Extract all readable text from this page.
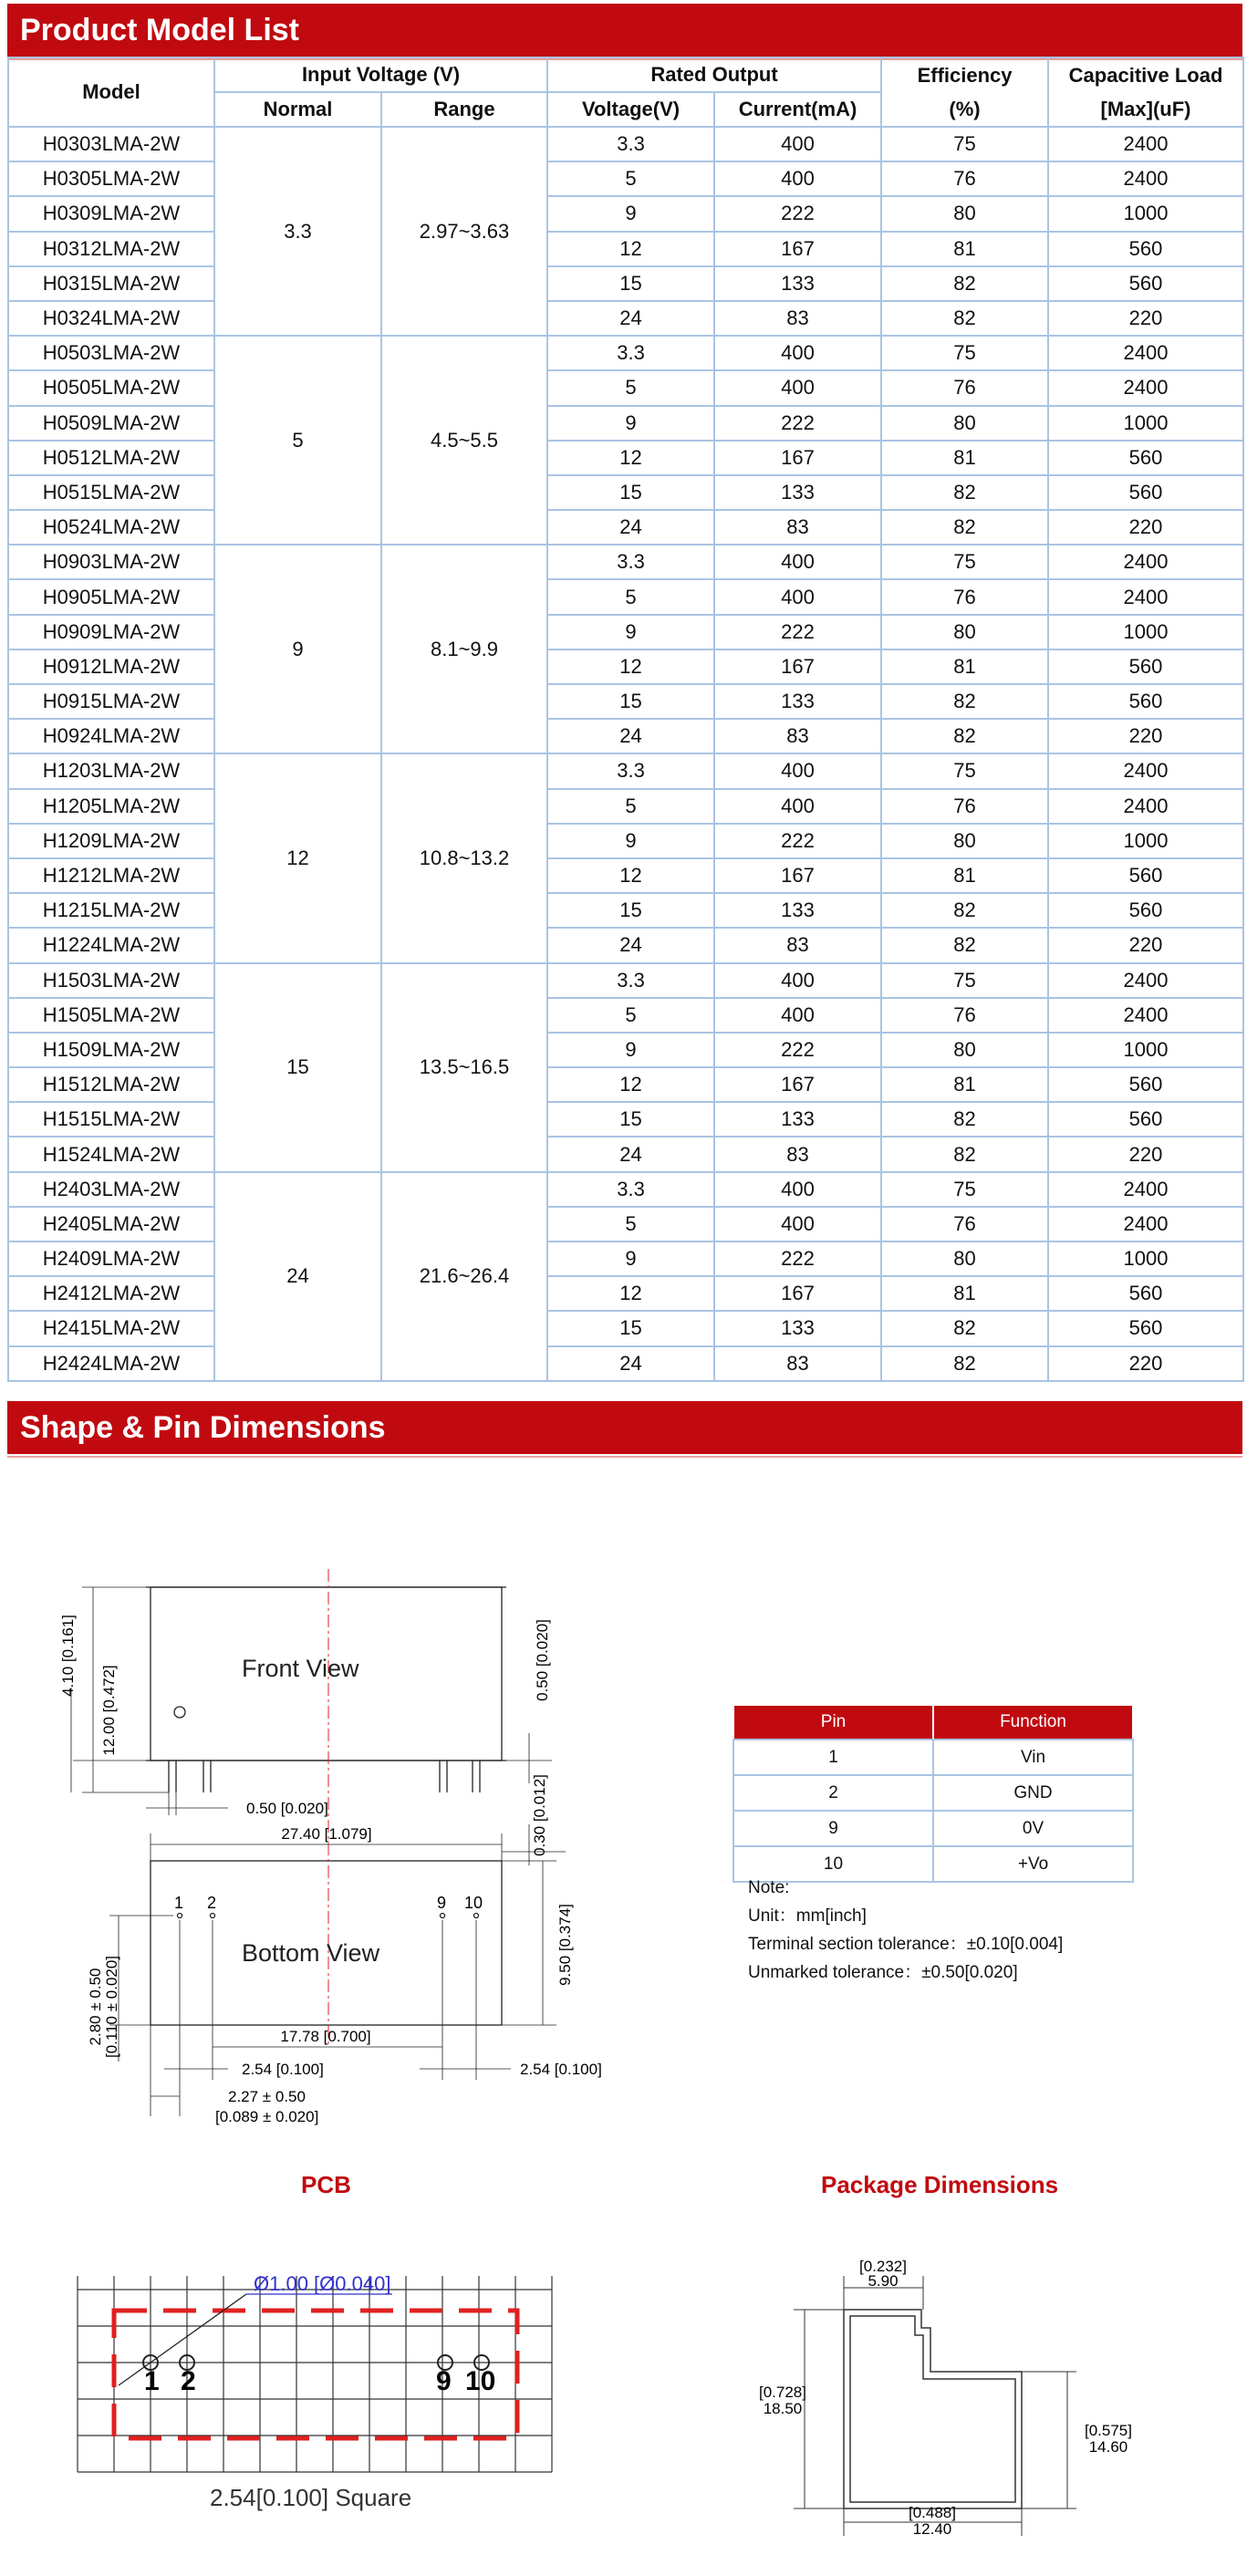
Product Model List
Model	Input Voltage (V)		Rated Output		Efficiency	Capacitive Load
	Normal	Range	Voltage(V)	Current(mA)	(%)	[Max](uF)
H0303LMA-2W	3.3	2.97~3.63	3.3	400	75	2400
H0305LMA-2W			5	400	76	2400
H0309LMA-2W			9	222	80	1000
H0312LMA-2W			12	167	81	560
H0315LMA-2W			15	133	82	560
H0324LMA-2W			24	83	82	220
H0503LMA-2W	5	4.5~5.5	3.3	400	75	2400
H0505LMA-2W			5	400	76	2400
H0509LMA-2W			9	222	80	1000
H0512LMA-2W			12	167	81	560
H0515LMA-2W			15	133	82	560
H0524LMA-2W			24	83	82	220
H0903LMA-2W	9	8.1~9.9	3.3	400	75	2400
H0905LMA-2W			5	400	76	2400
H0909LMA-2W			9	222	80	1000
H0912LMA-2W			12	167	81	560
H0915LMA-2W			15	133	82	560
H0924LMA-2W			24	83	82	220
H1203LMA-2W	12	10.8~13.2	3.3	400	75	2400
H1205LMA-2W			5	400	76	2400
H1209LMA-2W			9	222	80	1000
H1212LMA-2W			12	167	81	560
H1215LMA-2W			15	133	82	560
H1224LMA-2W			24	83	82	220
H1503LMA-2W	15	13.5~16.5	3.3	400	75	2400
H1505LMA-2W			5	400	76	2400
H1509LMA-2W			9	222	80	1000
H1512LMA-2W			12	167	81	560
H1515LMA-2W			15	133	82	560
H1524LMA-2W			24	83	82	220
H2403LMA-2W	24	21.6~26.4	3.3	400	75	2400
H2405LMA-2W			5	400	76	2400
H2409LMA-2W			9	222	80	1000
H2412LMA-2W			12	167	81	560
H2415LMA-2W			15	133	82	560
H2424LMA-2W			24	83	82	220
Shape & Pin Dimensions
Front View
Bottom View
12.00 [0.472]
4.10 [0.161]	0.50 [0.020]
0.50 [0.020]
27.40 [1.079]	0.30 [0.012]
9.50 [0.374]
2.80 ± 0.50 [0.110 ± 0.020]	17.78 [0.700]
2.54 [0.100]	2.54 [0.100]
2.27 ± 0.50
[0.089 ± 0.020]
1 2	9 10
Pin	Function
1	Vin
2	GND
9	0V
10	+Vo
Note:
Unit：mm[inch]
Terminal section tolerance：±0.10[0.004]
Unmarked tolerance：±0.50[0.020]
PCB	Package Dimensions
Ø1.00 [Ø0.040]
1 2	9 10
2.54[0.100] Square
[0.232]
5.90
[0.728]
18.50
[0.575]
14.60
[0.488]
12.40
